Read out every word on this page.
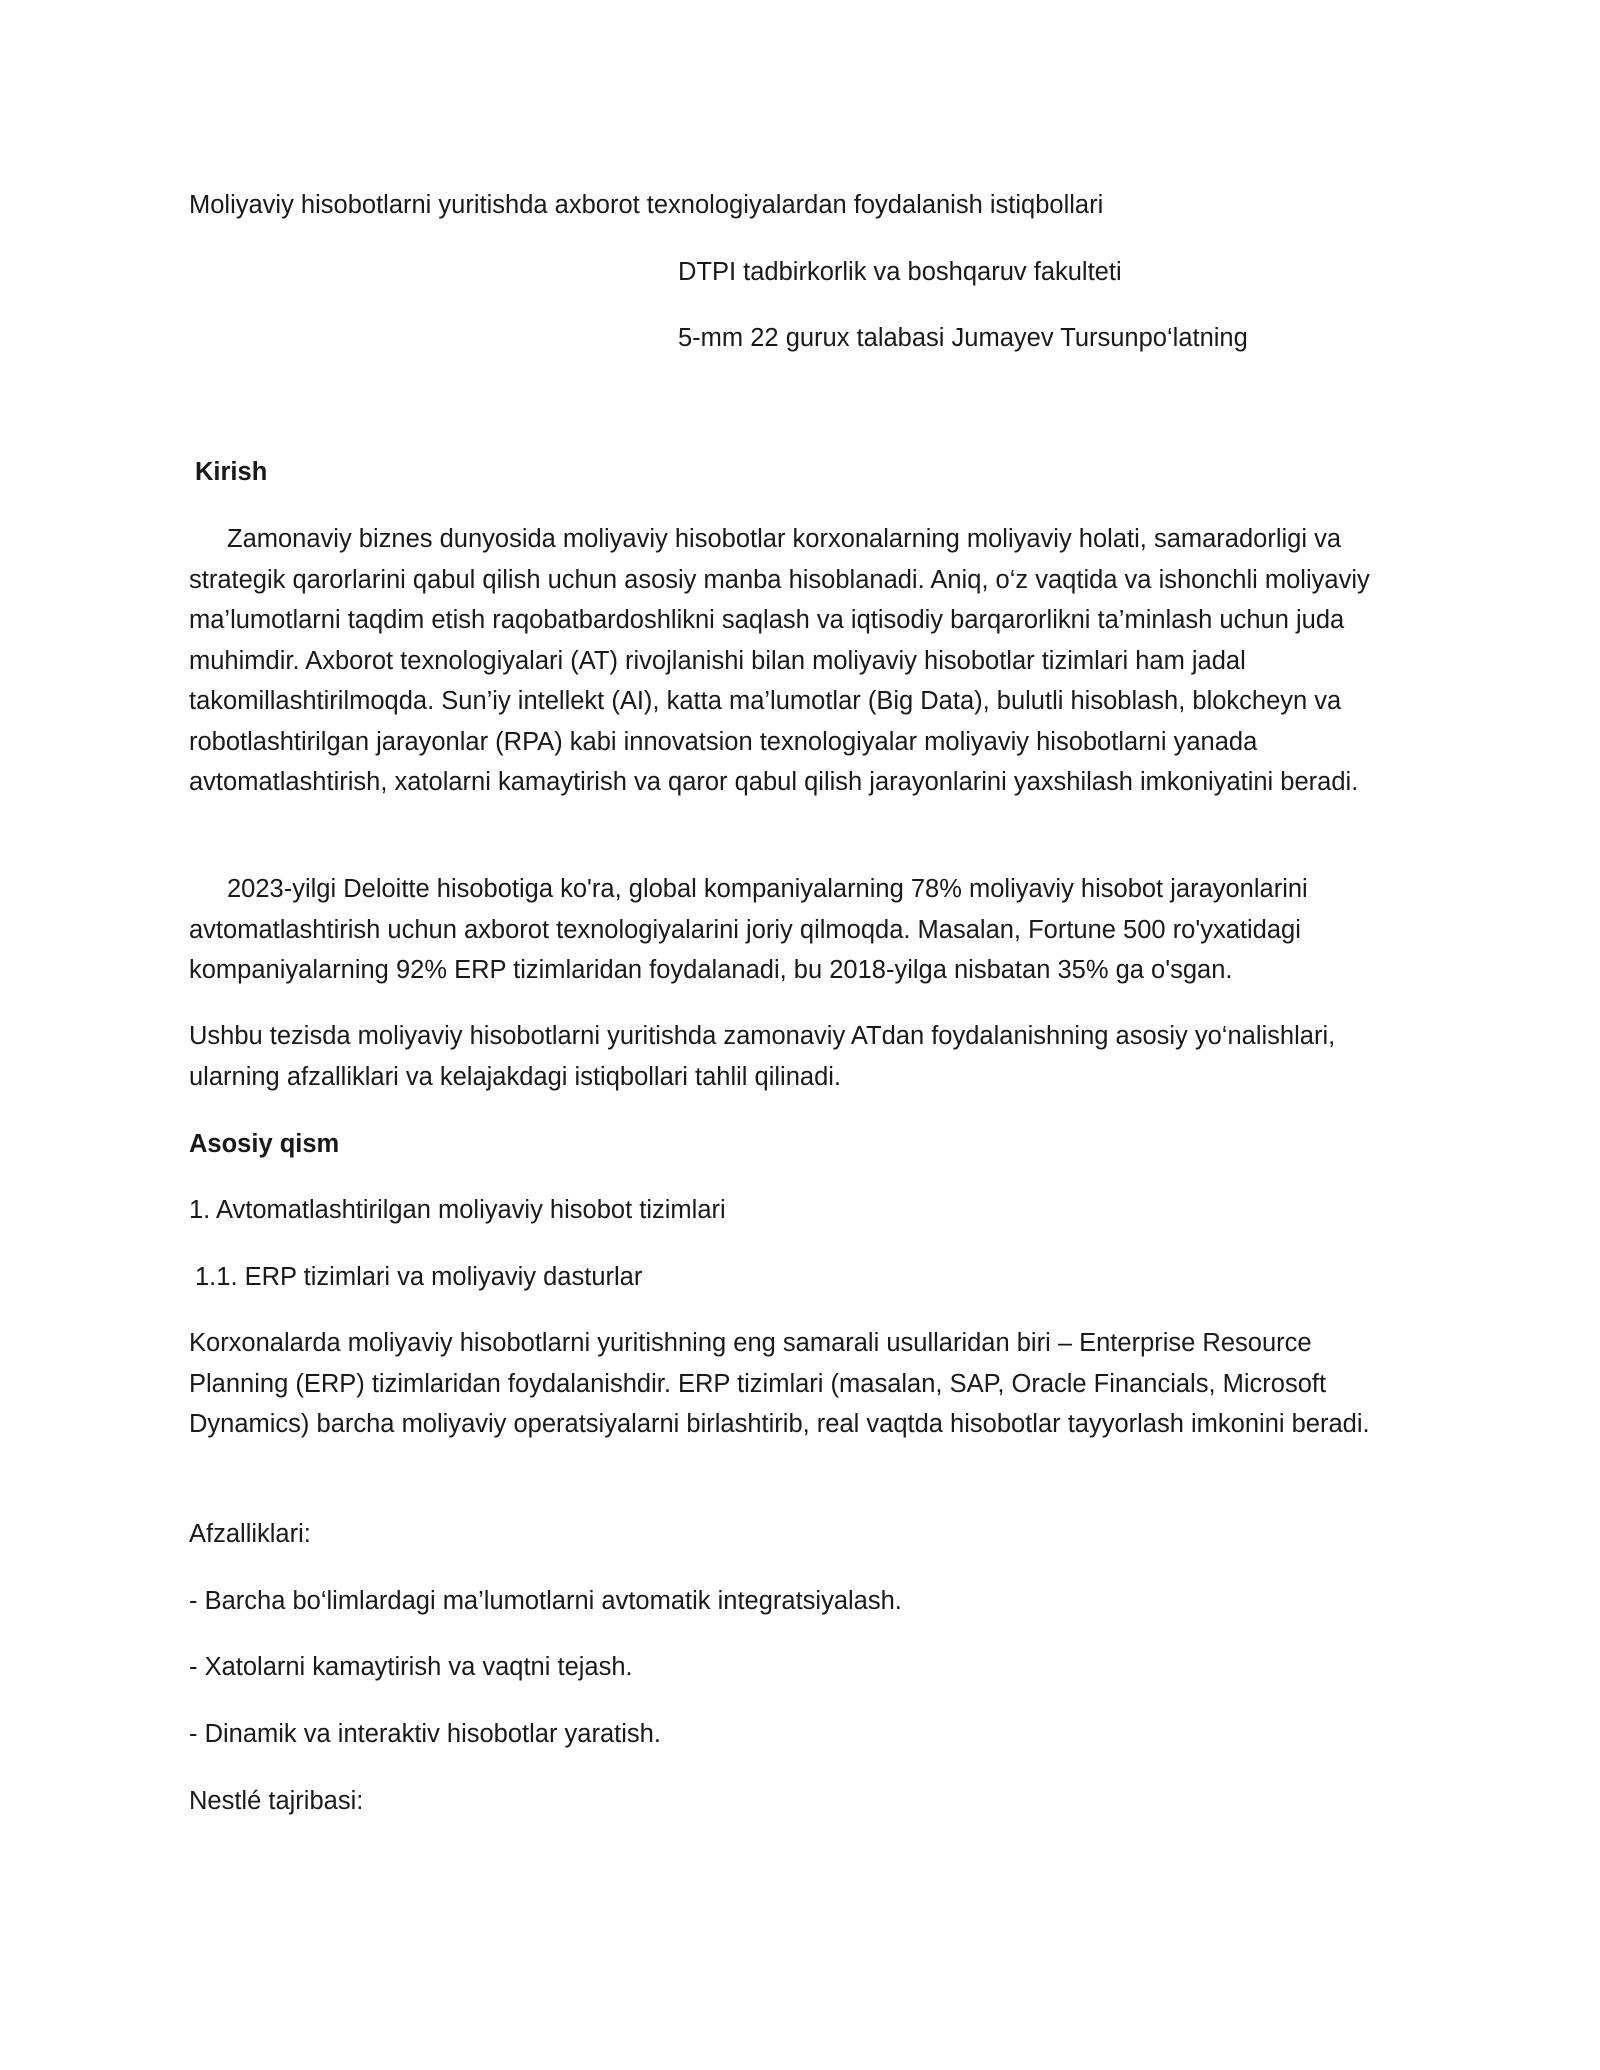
Moliyaviy hisobotlarni yuritishda axborot texnologiyalardan foydalanish istiqbollari

DTPI tadbirkorlik va boshqaruv fakulteti

5-mm 22 gurux talabasi Jumayev Tursunpo‘latning

Kirish

Zamonaviy biznes dunyosida moliyaviy hisobotlar korxonalarning moliyaviy holati, samaradorligi va strategik qarorlarini qabul qilish uchun asosiy manba hisoblanadi. Aniq, o‘z vaqtida va ishonchli moliyaviy ma’lumotlarni taqdim etish raqobatbardoshlikni saqlash va iqtisodiy barqarorlikni ta’minlash uchun juda muhimdir. Axborot texnologiyalari (AT) rivojlanishi bilan moliyaviy hisobotlar tizimlari ham jadal takomillashtirilmoqda. Sun’iy intellekt (AI), katta ma’lumotlar (Big Data), bulutli hisoblash, blokcheyn va robotlashtirilgan jarayonlar (RPA) kabi innovatsion texnologiyalar moliyaviy hisobotlarni yanada avtomatlashtirish, xatolarni kamaytirish va qaror qabul qilish jarayonlarini yaxshilash imkoniyatini beradi.

2023-yilgi Deloitte hisobotiga ko'ra, global kompaniyalarning 78% moliyaviy hisobot jarayonlarini avtomatlashtirish uchun axborot texnologiyalarini joriy qilmoqda. Masalan, Fortune 500 ro'yxatidagi kompaniyalarning 92% ERP tizimlaridan foydalanadi, bu 2018-yilga nisbatan 35% ga o'sgan.

Ushbu tezisda moliyaviy hisobotlarni yuritishda zamonaviy ATdan foydalanishning asosiy yo‘nalishlari, ularning afzalliklari va kelajakdagi istiqbollari tahlil qilinadi.

Asosiy qism

1. Avtomatlashtirilgan moliyaviy hisobot tizimlari

1.1. ERP tizimlari va moliyaviy dasturlar

Korxonalarda moliyaviy hisobotlarni yuritishning eng samarali usullaridan biri – Enterprise Resource Planning (ERP) tizimlaridan foydalanishdir. ERP tizimlari (masalan, SAP, Oracle Financials, Microsoft Dynamics) barcha moliyaviy operatsiyalarni birlashtirib, real vaqtda hisobotlar tayyorlash imkonini beradi.

Afzalliklari:

- Barcha bo‘limlardagi ma’lumotlarni avtomatik integratsiyalash.

- Xatolarni kamaytirish va vaqtni tejash.

- Dinamik va interaktiv hisobotlar yaratish.

Nestlé tajribasi:
